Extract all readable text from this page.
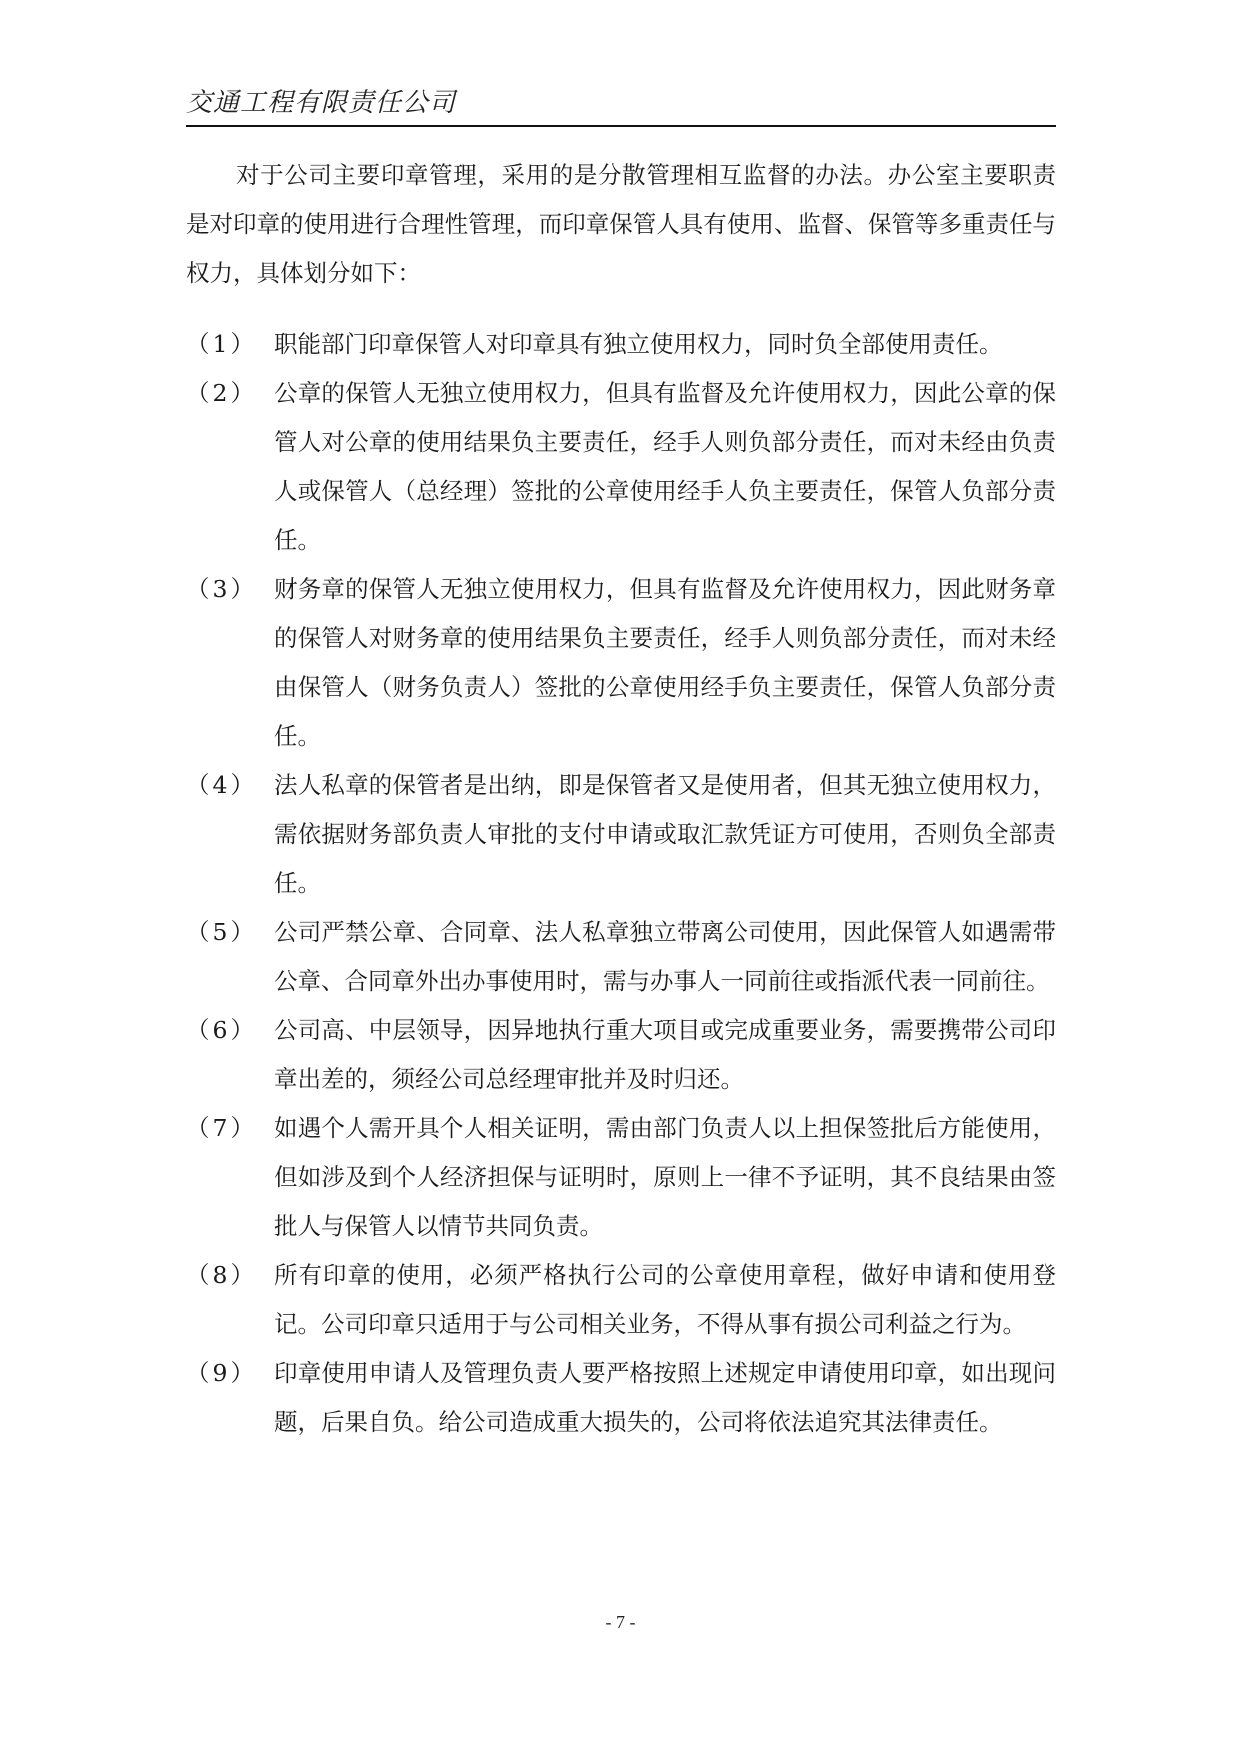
交通工程有限责任公司

对于公司主要印章管理，采用的是分散管理相互监督的办法。办公室主要职责是对印章的使用进行合理性管理，而印章保管人具有使用、监督、保管等多重责任与权力，具体划分如下：

（1） 职能部门印章保管人对印章具有独立使用权力，同时负全部使用责任。
（2） 公章的保管人无独立使用权力，但具有监督及允许使用权力，因此公章的保管人对公章的使用结果负主要责任，经手人则负部分责任，而对未经由负责人或保管人（总经理）签批的公章使用经手人负主要责任，保管人负部分责任。
（3） 财务章的保管人无独立使用权力，但具有监督及允许使用权力，因此财务章的保管人对财务章的使用结果负主要责任，经手人则负部分责任，而对未经由保管人（财务负责人）签批的公章使用经手负主要责任，保管人负部分责任。
（4） 法人私章的保管者是出纳，即是保管者又是使用者，但其无独立使用权力，需依据财务部负责人审批的支付申请或取汇款凭证方可使用，否则负全部责任。
（5） 公司严禁公章、合同章、法人私章独立带离公司使用，因此保管人如遇需带公章、合同章外出办事使用时，需与办事人一同前往或指派代表一同前往。
（6） 公司高、中层领导，因异地执行重大项目或完成重要业务，需要携带公司印章出差的，须经公司总经理审批并及时归还。
（7） 如遇个人需开具个人相关证明，需由部门负责人以上担保签批后方能使用，但如涉及到个人经济担保与证明时，原则上一律不予证明，其不良结果由签批人与保管人以情节共同负责。
（8） 所有印章的使用，必须严格执行公司的公章使用章程，做好申请和使用登记。公司印章只适用于与公司相关业务，不得从事有损公司利益之行为。
（9） 印章使用申请人及管理负责人要严格按照上述规定申请使用印章，如出现问题，后果自负。给公司造成重大损失的，公司将依法追究其法律责任。
- 7 -
